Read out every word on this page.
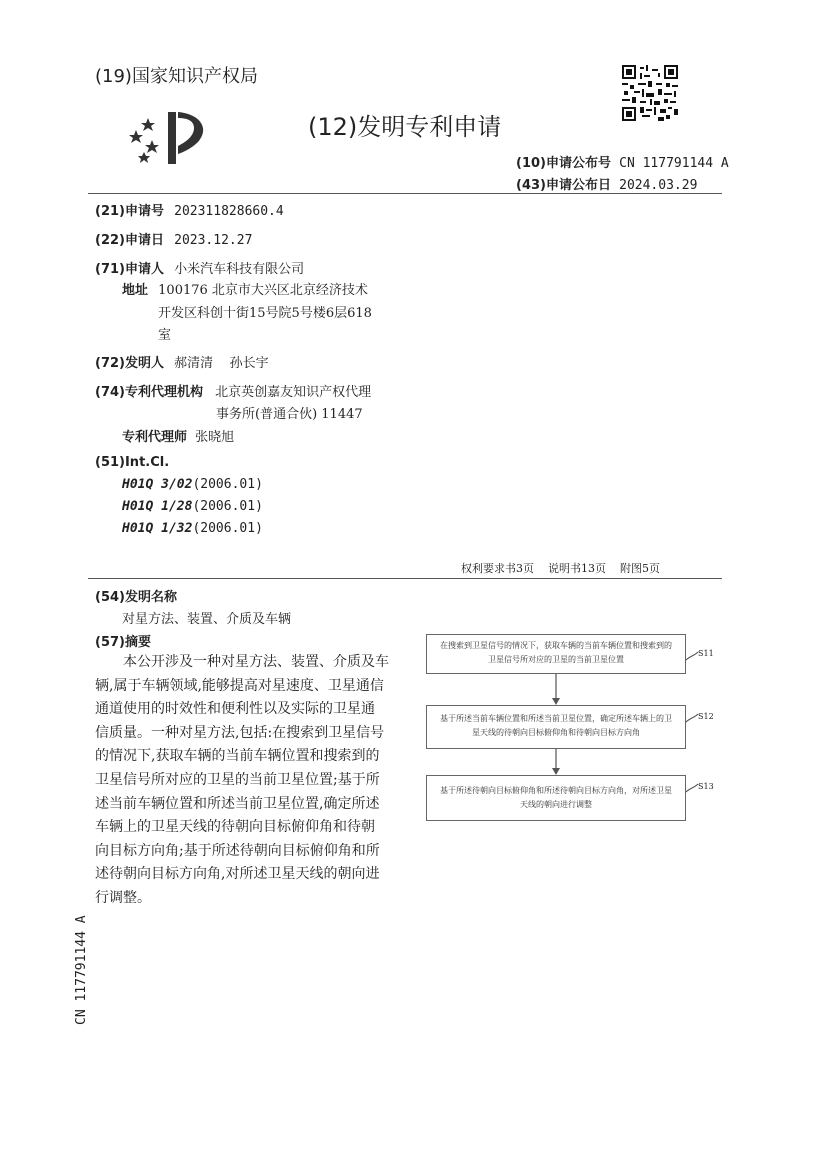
(19)国家知识产权局
(12)发明专利申请
(10)申请公布号 CN 117791144 A
(43)申请公布日 2024.03.29
(21)申请号 202311828660.4
(22)申请日 2023.12.27
(71)申请人 小米汽车科技有限公司
地址 100176 北京市大兴区北京经济技术
开发区科创十街15号院5号楼6层618
室
(72)发明人 郝清清    孙长宇
(74)专利代理机构 北京英创嘉友知识产权代理
事务所(普通合伙) 11447
专利代理师 张晓旭
(51)Int.Cl.
H01Q 3/02(2006.01)
H01Q 1/28(2006.01)
H01Q 1/32(2006.01)
权利要求书3页    说明书13页    附图5页
(54)发明名称
对星方法、装置、介质及车辆
(57)摘要
本公开涉及一种对星方法、装置、介质及车
辆,属于车辆领域,能够提高对星速度、卫星通信
通道使用的时效性和便利性以及实际的卫星通
信质量。一种对星方法,包括:在搜索到卫星信号
的情况下,获取车辆的当前车辆位置和搜索到的
卫星信号所对应的卫星的当前卫星位置;基于所
述当前车辆位置和所述当前卫星位置,确定所述
车辆上的卫星天线的待朝向目标俯仰角和待朝
向目标方向角;基于所述待朝向目标俯仰角和所
述待朝向目标方向角,对所述卫星天线的朝向进
行调整。
在搜索到卫星信号的情况下，获取车辆的当前车辆位置和搜索到的
卫星信号所对应的卫星的当前卫星位置
S11
基于所述当前车辆位置和所述当前卫星位置，确定所述车辆上的卫
星天线的待朝向目标俯仰角和待朝向目标方向角
S12
基于所述待朝向目标俯仰角和所述待朝向目标方向角，对所述卫星
天线的朝向进行调整
S13
CN 117791144 A
